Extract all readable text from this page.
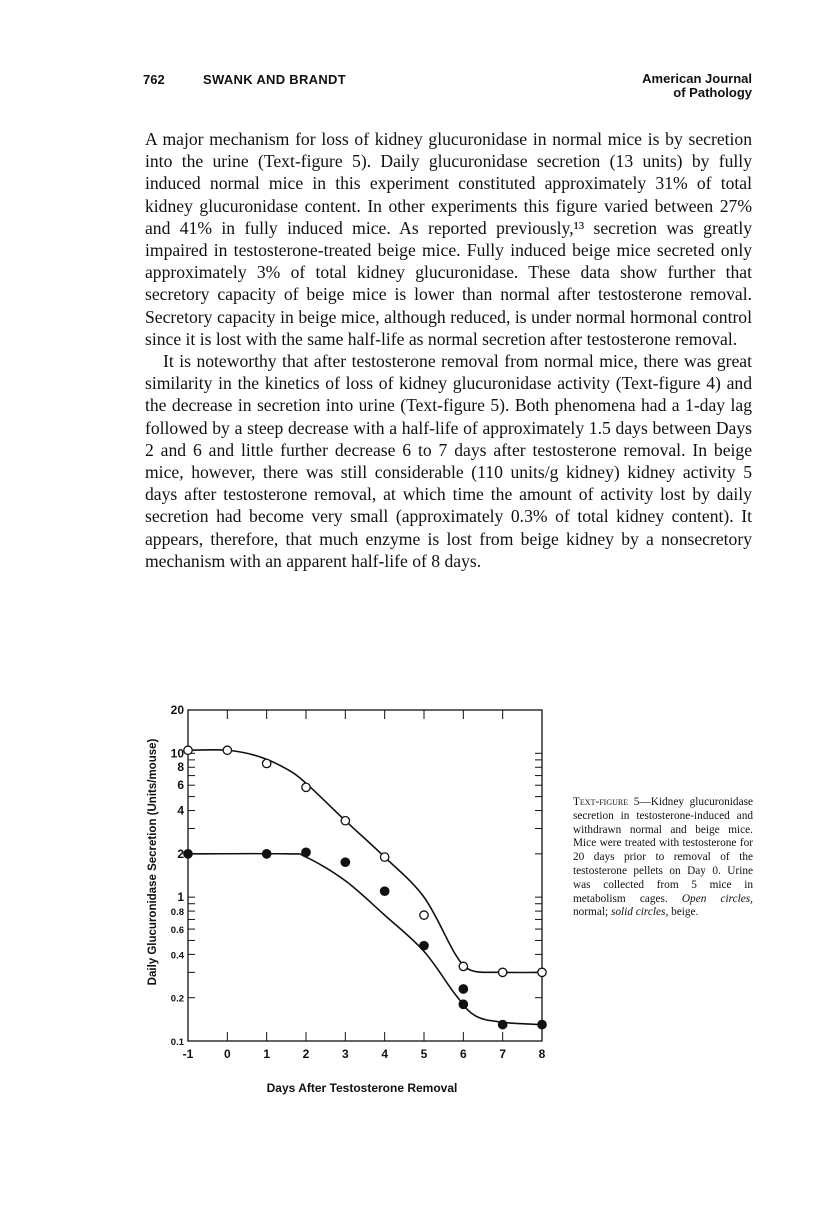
762	SWANK AND BRANDT	American Journal
of Pathology

A major mechanism for loss of kidney glucuronidase in normal mice is by secretion into the urine (Text-figure 5). Daily glucuronidase secretion (13 units) by fully induced normal mice in this experiment constituted approximately 31% of total kidney glucuronidase content. In other experiments this figure varied between 27% and 41% in fully induced mice. As reported previously,¹³ secretion was greatly impaired in testosterone-treated beige mice. Fully induced beige mice secreted only approximately 3% of total kidney glucuronidase. These data show further that secretory capacity of beige mice is lower than normal after testosterone removal. Secretory capacity in beige mice, although reduced, is under normal hormonal control since it is lost with the same half-life as normal secretion after testosterone removal.

It is noteworthy that after testosterone removal from normal mice, there was great similarity in the kinetics of loss of kidney glucuronidase activity (Text-figure 4) and the decrease in secretion into urine (Text-figure 5). Both phenomena had a 1-day lag followed by a steep decrease with a half-life of approximately 1.5 days between Days 2 and 6 and little further decrease 6 to 7 days after testosterone removal. In beige mice, however, there was still considerable (110 units/g kidney) kidney activity 5 days after testosterone removal, at which time the amount of activity lost by daily secretion had become very small (approximately 0.3% of total kidney content). It appears, therefore, that much enzyme is lost from beige kidney by a nonsecretory mechanism with an apparent half-life of 8 days.

-1	0	1	2	3	4	5	6	7	8
20
10
8
6
4
2
1
0.8
0.6
0.4
0.2
0.1
Days After Testosterone Removal
Daily Glucuronidase Secretion (Units/mouse)	Text-figure 5—Kidney glucuronidase secretion in testosterone-induced and withdrawn normal and beige mice. Mice were treated with testosterone for 20 days prior to removal of the testosterone pellets on Day 0. Urine was collected from 5 mice in metabolism cages. Open circles, normal; solid circles, beige.
